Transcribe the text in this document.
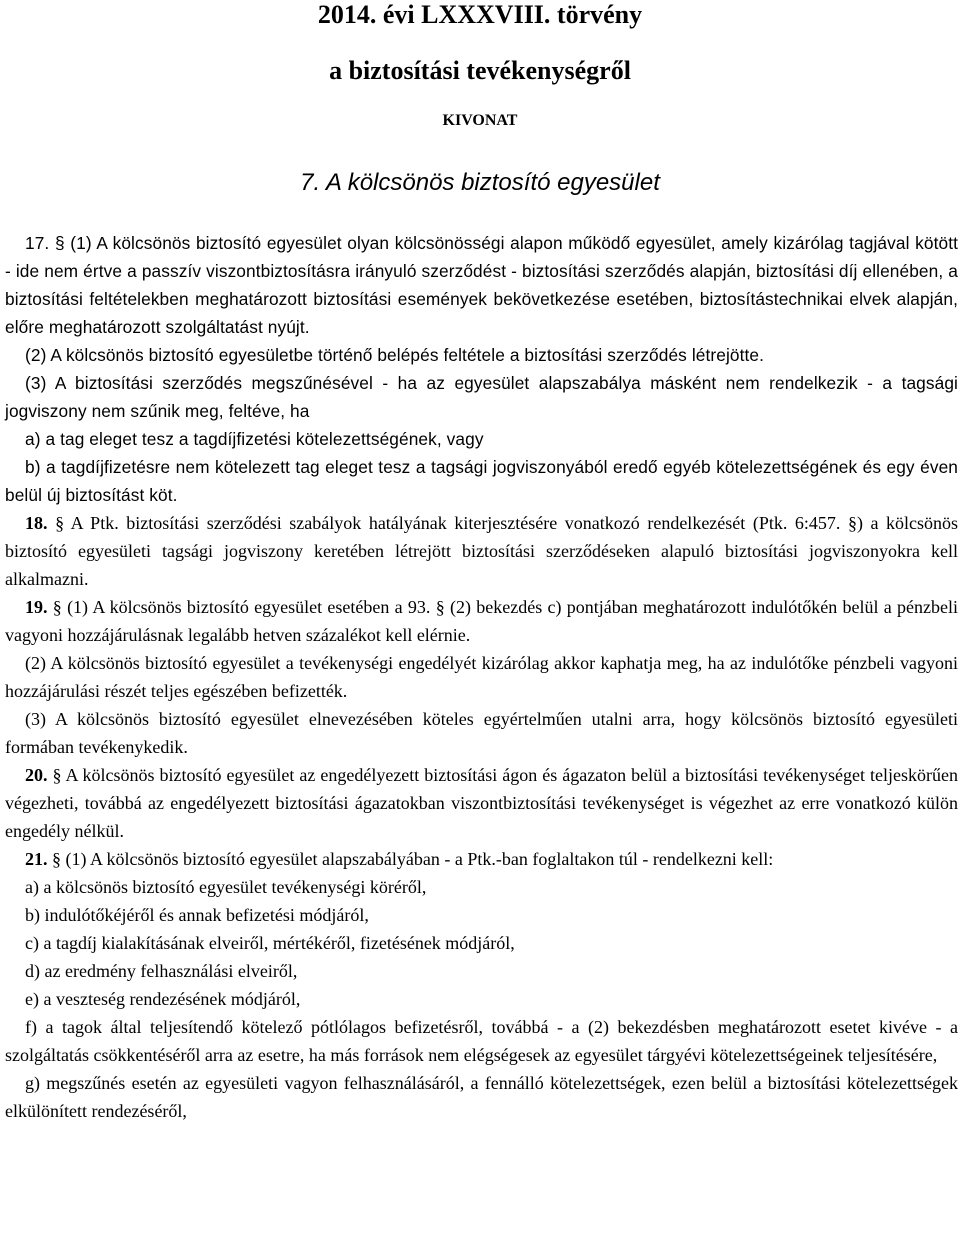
2014. évi LXXXVIII. törvény
a biztosítási tevékenységről
KIVONAT
7. A kölcsönös biztosító egyesület

17. § (1) A kölcsönös biztosító egyesület olyan kölcsönösségi alapon működő egyesület, amely kizárólag tagjával kötött - ide nem értve a passzív viszontbiztosításra irányuló szerződést - biztosítási szerződés alapján, biztosítási díj ellenében, a biztosítási feltételekben meghatározott biztosítási események bekövetkezése esetében, biztosítástechnikai elvek alapján, előre meghatározott szolgáltatást nyújt.

(2) A kölcsönös biztosító egyesületbe történő belépés feltétele a biztosítási szerződés létrejötte.

(3) A biztosítási szerződés megszűnésével - ha az egyesület alapszabálya másként nem rendelkezik - a tagsági jogviszony nem szűnik meg, feltéve, ha

a) a tag eleget tesz a tagdíjfizetési kötelezettségének, vagy

b) a tagdíjfizetésre nem kötelezett tag eleget tesz a tagsági jogviszonyából eredő egyéb kötelezettségének és egy éven belül új biztosítást köt.

18. § A Ptk. biztosítási szerződési szabályok hatályának kiterjesztésére vonatkozó rendelkezését (Ptk. 6:457. §) a kölcsönös biztosító egyesületi tagsági jogviszony keretében létrejött biztosítási szerződéseken alapuló biztosítási jogviszonyokra kell alkalmazni.

19. § (1) A kölcsönös biztosító egyesület esetében a 93. § (2) bekezdés c) pontjában meghatározott indulótőkén belül a pénzbeli vagyoni hozzájárulásnak legalább hetven százalékot kell elérnie.

(2) A kölcsönös biztosító egyesület a tevékenységi engedélyét kizárólag akkor kaphatja meg, ha az indulótőke pénzbeli vagyoni hozzájárulási részét teljes egészében befizették.

(3) A kölcsönös biztosító egyesület elnevezésében köteles egyértelműen utalni arra, hogy kölcsönös biztosító egyesületi formában tevékenykedik.

20. § A kölcsönös biztosító egyesület az engedélyezett biztosítási ágon és ágazaton belül a biztosítási tevékenységet teljeskörűen végezheti, továbbá az engedélyezett biztosítási ágazatokban viszontbiztosítási tevékenységet is végezhet az erre vonatkozó külön engedély nélkül.

21. § (1) A kölcsönös biztosító egyesület alapszabályában - a Ptk.-ban foglaltakon túl - rendelkezni kell:

a) a kölcsönös biztosító egyesület tevékenységi köréről,

b) indulótőkéjéről és annak befizetési módjáról,

c) a tagdíj kialakításának elveiről, mértékéről, fizetésének módjáról,

d) az eredmény felhasználási elveiről,

e) a veszteség rendezésének módjáról,

f) a tagok által teljesítendő kötelező pótlólagos befizetésről, továbbá - a (2) bekezdésben meghatározott esetet kivéve - a szolgáltatás csökkentéséről arra az esetre, ha más források nem elégségesek az egyesület tárgyévi kötelezettségeinek teljesítésére,

g) megszűnés esetén az egyesületi vagyon felhasználásáról, a fennálló kötelezettségek, ezen belül a biztosítási kötelezettségek elkülönített rendezéséről,
